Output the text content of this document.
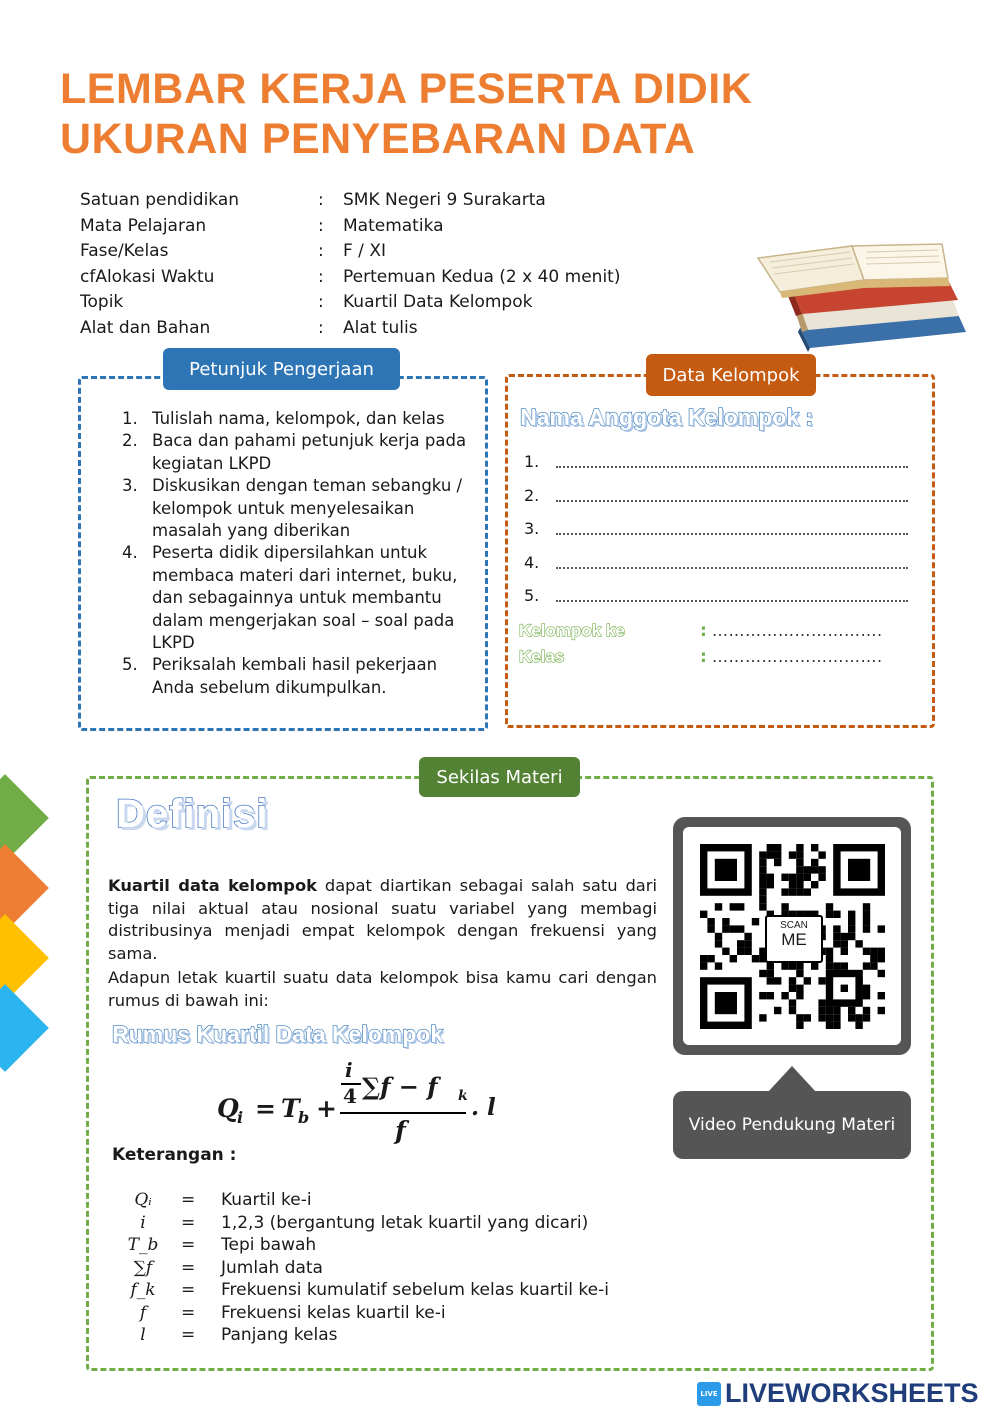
LEMBAR KERJA PESERTA DIDIK
UKURAN PENYEBARAN DATA
Satuan pendidikan	: SMK Negeri 9 Surakarta
Mata Pelajaran	: Matematika
Fase/Kelas	: F / XI
cfAlokasi Waktu	: Pertemuan Kedua (2 x 40 menit)
Topik	: Kuartil Data Kelompok
Alat dan Bahan	: Alat tulis
Petunjuk Pengerjaan
1. Tulislah nama, kelompok, dan kelas
2. Baca dan pahami petunjuk kerja pada kegiatan LKPD
3. Diskusikan dengan teman sebangku / kelompok untuk menyelesaikan masalah yang diberikan
4. Peserta didik dipersilahkan untuk membaca materi dari internet, buku, dan sebagainnya untuk membantu dalam mengerjakan soal – soal pada LKPD
5. Periksalah kembali hasil pekerjaan Anda sebelum dikumpulkan.
Data Kelompok
Nama Anggota Kelompok :
1.
2.
3.
4.
5.
Kelompok ke	: ………………………….
Kelas	: ………………………….
Sekilas Materi
Definisi
Kuartil data kelompok dapat diartikan sebagai salah satu dari tiga nilai aktual atau nosional suatu variabel yang membagi distribusinya menjadi empat kelompok dengan frekuensi yang sama.
Adapun letak kuartil suatu data kelompok bisa kamu cari dengan rumus di bawah ini:
Rumus Kuartil Data Kelompok
Q
i = T
b +
i
4 ∑f − f k
f
. l
Keterangan :
Qᵢ	= Kuartil ke-i
i	= 1,2,3 (bergantung letak kuartil yang dicari)
T_b	= Tepi bawah
∑f	= Jumlah data
f_k	= Frekuensi kumulatif sebelum kelas kuartil ke-i
f	= Frekuensi kelas kuartil ke-i
l	= Panjang kelas
SCAN
ME
Video Pendukung Materi
LIVE LIVEWORKSHEETS
